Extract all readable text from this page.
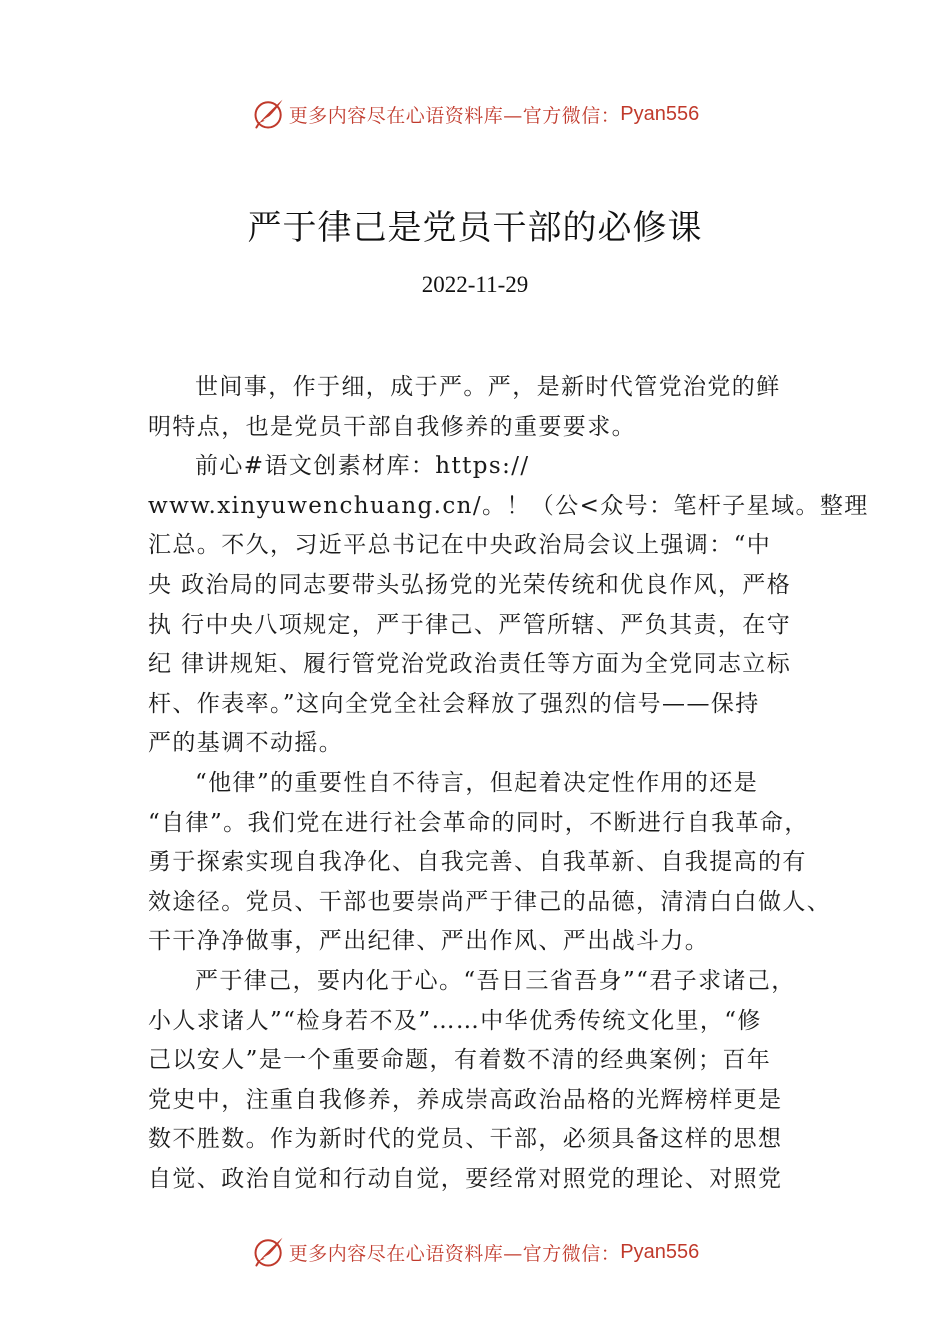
更多内容尽在心语资料库—官方微信： Pyan556
严于律己是党员干部的必修课
2022-11-29
世间事，作于细，成于严。严，是新时代管党治党的鲜
明特点，也是党员干部自我修养的重要要求。
前心#语文创素材库：https://
www.xinyuwenchuang.cn/。！（公<众号：笔杆子星域。整理
汇总。不久，习近平总书记在中央政治局会议上强调：“中
央 政治局的同志要带头弘扬党的光荣传统和优良作风，严格
执 行中央八项规定，严于律己、严管所辖、严负其责，在守
纪 律讲规矩、履行管党治党政治责任等方面为全党同志立标
杆、作表率。”这向全党全社会释放了强烈的信号——保持
严的基调不动摇。
“他律”的重要性自不待言，但起着决定性作用的还是
“自律”。我们党在进行社会革命的同时，不断进行自我革命，
勇于探索实现自我净化、自我完善、自我革新、自我提高的有
效途径。党员、干部也要崇尚严于律己的品德，清清白白做人、
干干净净做事，严出纪律、严出作风、严出战斗力。
严于律己，要内化于心。“吾日三省吾身”“君子求诸己，
小人求诸人”“检身若不及”……中华优秀传统文化里，“修
己以安人”是一个重要命题，有着数不清的经典案例；百年
党史中，注重自我修养，养成崇高政治品格的光辉榜样更是
数不胜数。作为新时代的党员、干部，必须具备这样的思想
自觉、政治自觉和行动自觉，要经常对照党的理论、对照党
更多内容尽在心语资料库—官方微信： Pyan556
